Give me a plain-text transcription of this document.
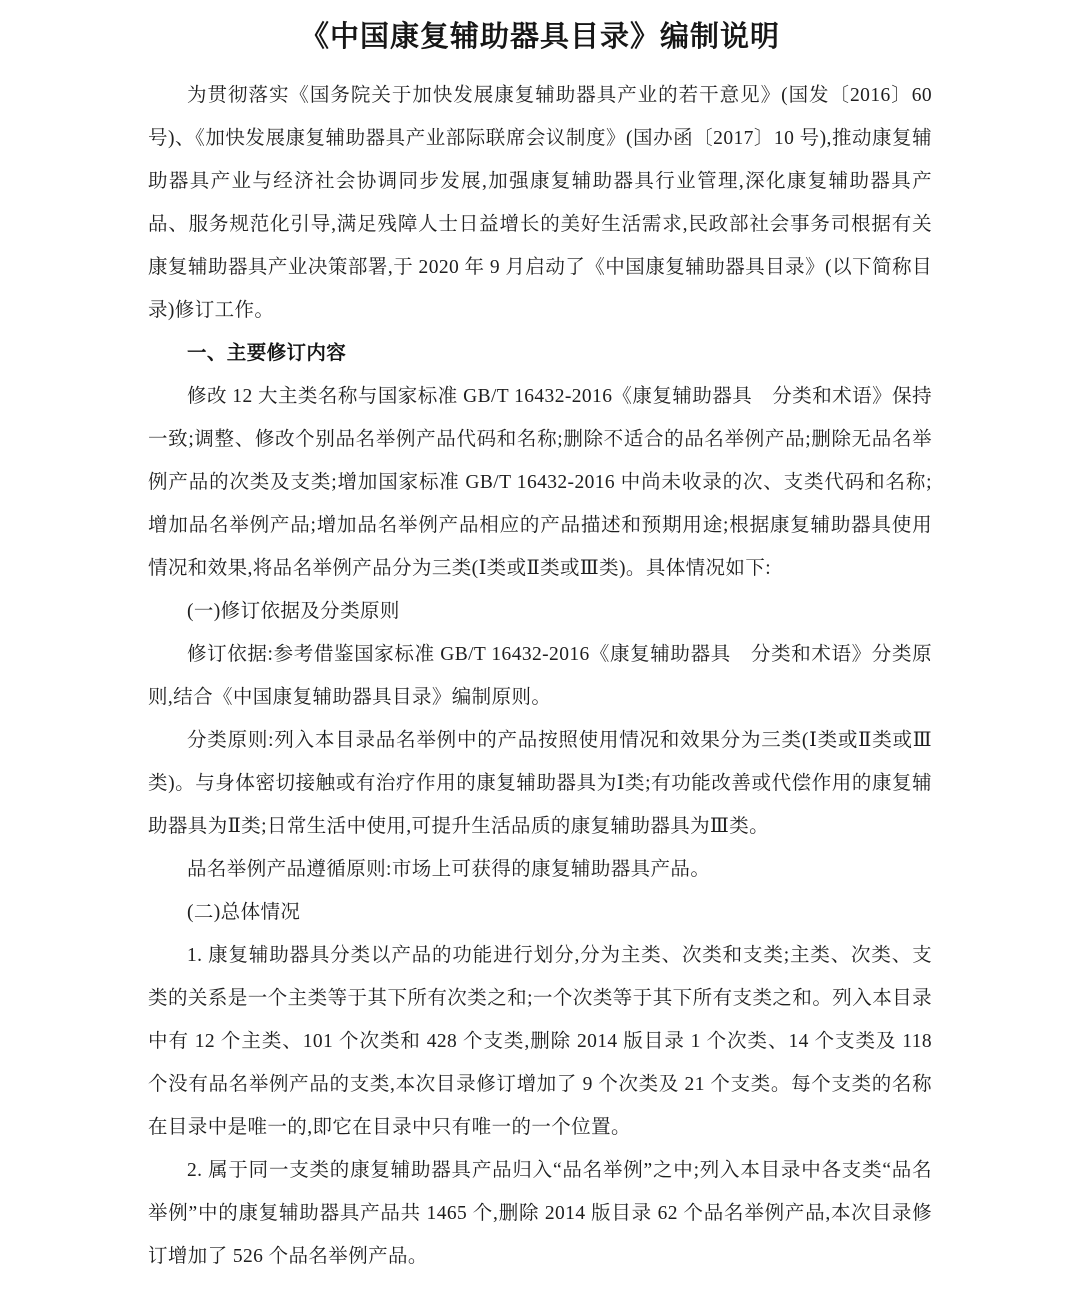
《中国康复辅助器具目录》编制说明

为贯彻落实《国务院关于加快发展康复辅助器具产业的若干意见》(国发〔2016〕60 号)、《加快发展康复辅助器具产业部际联席会议制度》(国办函〔2017〕10 号),推动康复辅助器具产业与经济社会协调同步发展,加强康复辅助器具行业管理,深化康复辅助器具产品、服务规范化引导,满足残障人士日益增长的美好生活需求,民政部社会事务司根据有关康复辅助器具产业决策部署,于 2020 年 9 月启动了《中国康复辅助器具目录》(以下简称目录)修订工作。

一、主要修订内容

修改 12 大主类名称与国家标准 GB/T 16432-2016《康复辅助器具　分类和术语》保持一致;调整、修改个别品名举例产品代码和名称;删除不适合的品名举例产品;删除无品名举例产品的次类及支类;增加国家标准 GB/T 16432-2016 中尚未收录的次、支类代码和名称;增加品名举例产品;增加品名举例产品相应的产品描述和预期用途;根据康复辅助器具使用情况和效果,将品名举例产品分为三类(Ⅰ类或Ⅱ类或Ⅲ类)。具体情况如下:

(一)修订依据及分类原则

修订依据:参考借鉴国家标准 GB/T 16432-2016《康复辅助器具　分类和术语》分类原则,结合《中国康复辅助器具目录》编制原则。

分类原则:列入本目录品名举例中的产品按照使用情况和效果分为三类(Ⅰ类或Ⅱ类或Ⅲ类)。与身体密切接触或有治疗作用的康复辅助器具为Ⅰ类;有功能改善或代偿作用的康复辅助器具为Ⅱ类;日常生活中使用,可提升生活品质的康复辅助器具为Ⅲ类。

品名举例产品遵循原则:市场上可获得的康复辅助器具产品。

(二)总体情况

1. 康复辅助器具分类以产品的功能进行划分,分为主类、次类和支类;主类、次类、支类的关系是一个主类等于其下所有次类之和;一个次类等于其下所有支类之和。列入本目录中有 12 个主类、101 个次类和 428 个支类,删除 2014 版目录 1 个次类、14 个支类及 118 个没有品名举例产品的支类,本次目录修订增加了 9 个次类及 21 个支类。每个支类的名称在目录中是唯一的,即它在目录中只有唯一的一个位置。

2. 属于同一支类的康复辅助器具产品归入“品名举例”之中;列入本目录中各支类“品名举例”中的康复辅助器具产品共 1465 个,删除 2014 版目录 62 个品名举例产品,本次目录修订增加了 526 个品名举例产品。
